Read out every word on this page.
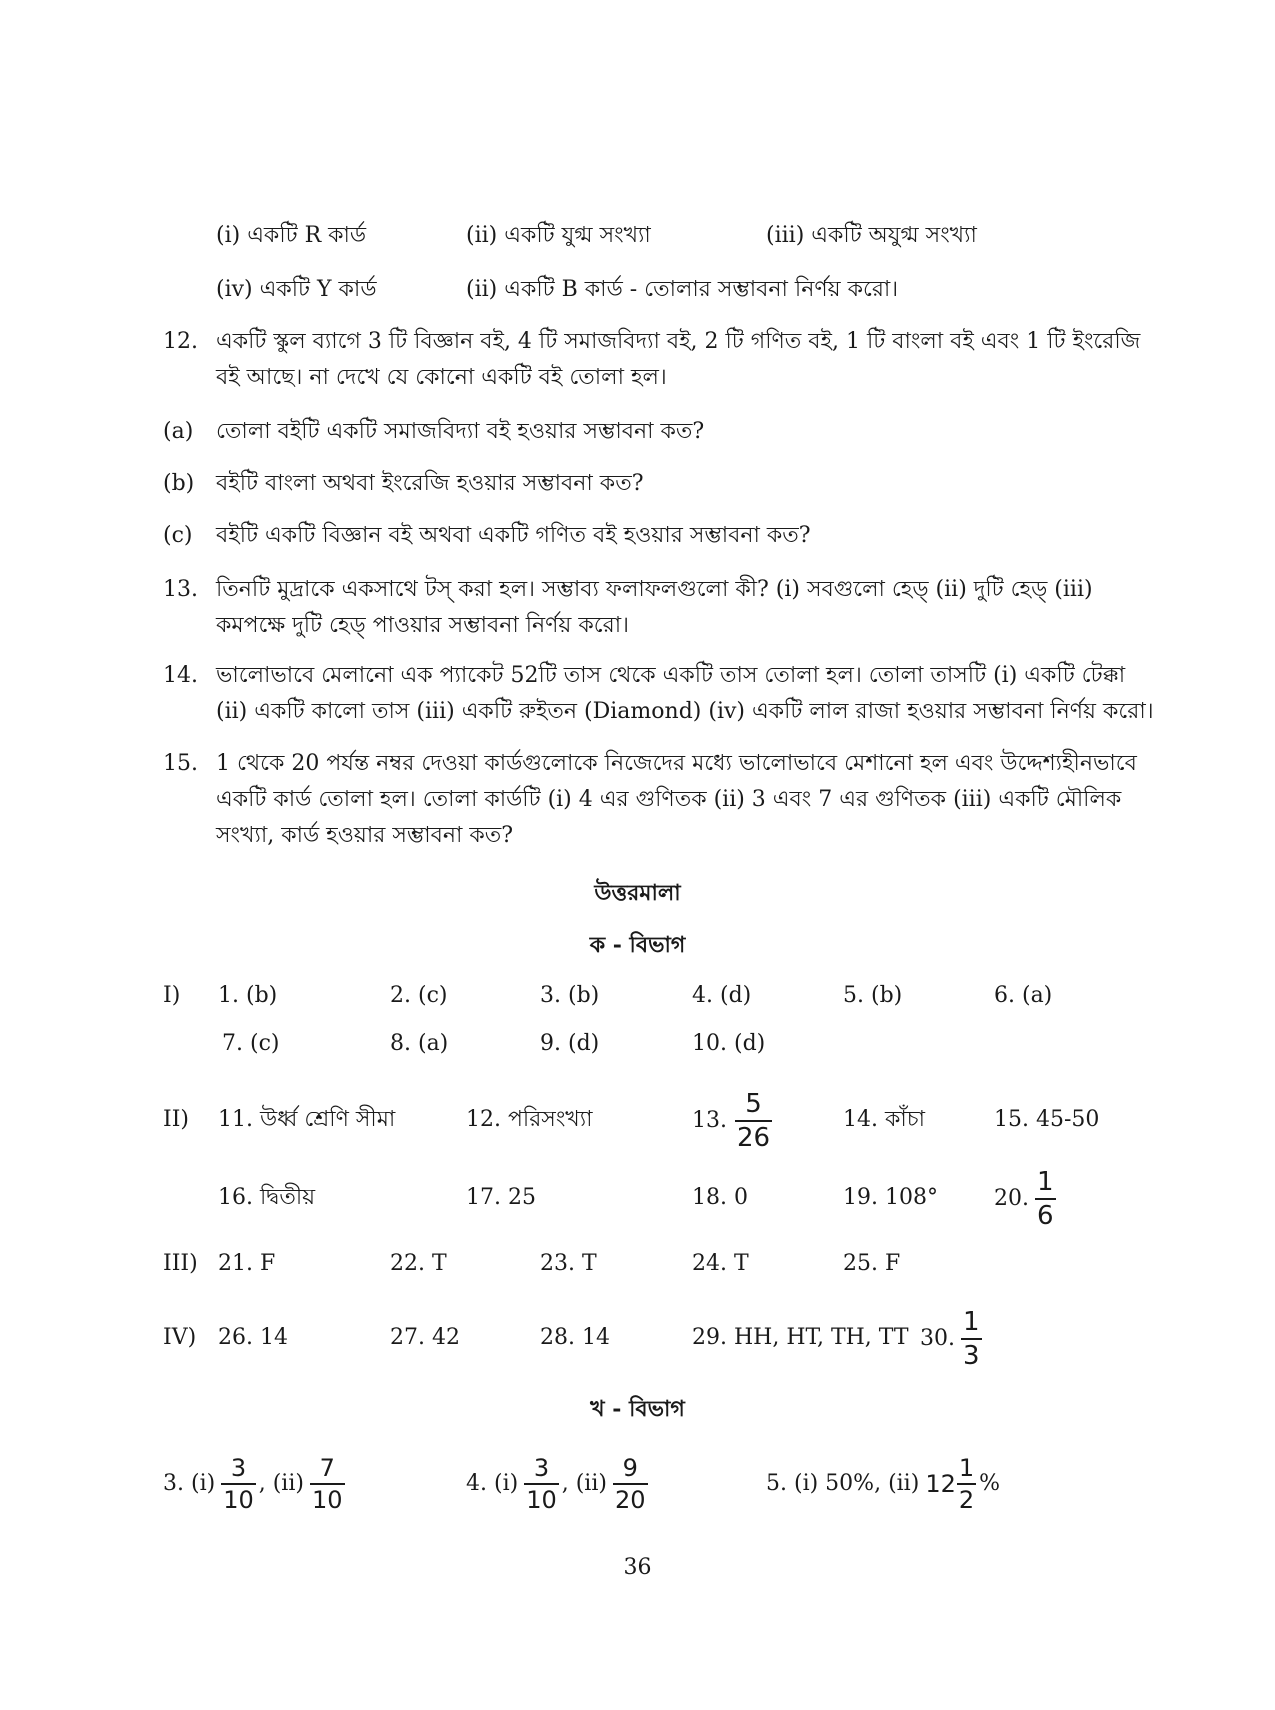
(i) একটি R কার্ড	(ii) একটি যুগ্ম সংখ্যা	(iii) একটি অযুগ্ম সংখ্যা
(iv) একটি Y কার্ড	(ii) একটি B কার্ড - তোলার সম্ভাবনা নির্ণয় করো।
12. একটি স্কুল ব্যাগে 3 টি বিজ্ঞান বই, 4 টি সমাজবিদ্যা বই, 2 টি গণিত বই, 1 টি বাংলা বই এবং 1 টি ইংরেজি বই আছে। না দেখে যে কোনো একটি বই তোলা হল।
(a) তোলা বইটি একটি সমাজবিদ্যা বই হওয়ার সম্ভাবনা কত?
(b) বইটি বাংলা অথবা ইংরেজি হওয়ার সম্ভাবনা কত?
(c) বইটি একটি বিজ্ঞান বই অথবা একটি গণিত বই হওয়ার সম্ভাবনা কত?
13. তিনটি মুদ্রাকে একসাথে টস্ করা হল। সম্ভাব্য ফলাফলগুলো কী? (i) সবগুলো হেড্ (ii) দুটি হেড্ (iii) কমপক্ষে দুটি হেড্ পাওয়ার সম্ভাবনা নির্ণয় করো।
14. ভালোভাবে মেলানো এক প্যাকেট 52টি তাস থেকে একটি তাস তোলা হল। তোলা তাসটি (i) একটি টেক্কা (ii) একটি কালো তাস (iii) একটি রুইতন (Diamond) (iv) একটি লাল রাজা হওয়ার সম্ভাবনা নির্ণয় করো।
15. 1 থেকে 20 পর্যন্ত নম্বর দেওয়া কার্ডগুলোকে নিজেদের মধ্যে ভালোভাবে মেশানো হল এবং উদ্দেশ্যহীনভাবে একটি কার্ড তোলা হল। তোলা কার্ডটি (i) 4 এর গুণিতক (ii) 3 এবং 7 এর গুণিতক (iii) একটি মৌলিক সংখ্যা, কার্ড হওয়ার সম্ভাবনা কত?
উত্তরমালা
ক - বিভাগ
I) 1. (b)	2. (c)	3. (b)	4. (d)	5. (b)	6. (a)
7. (c)	8. (a)	9. (d)	10. (d)
II) 11. উর্ধ্ব শ্রেণি সীমা	12. পরিসংখ্যা	13. $\frac{5}{26}$	14. কাঁচা	15. 45-50
16. দ্বিতীয়	17. 25	18. 0	19. 108°	20. $\frac{1}{6}$
III) 21. F	22. T	23. T	24. T	25. F
IV) 26. 14	27. 42	28. 14	29. HH, HT, TH, TT 30. $\frac{1}{3}$
খ - বিভাগ
3. $(i) \frac{3}{10}$ , $(ii) \frac{7}{10}$	4. $(i) \frac{3}{10}$ , $(ii) \frac{9}{20}$	5. (i) 50%, (ii) $12 \frac{1}{2}$ %
36
